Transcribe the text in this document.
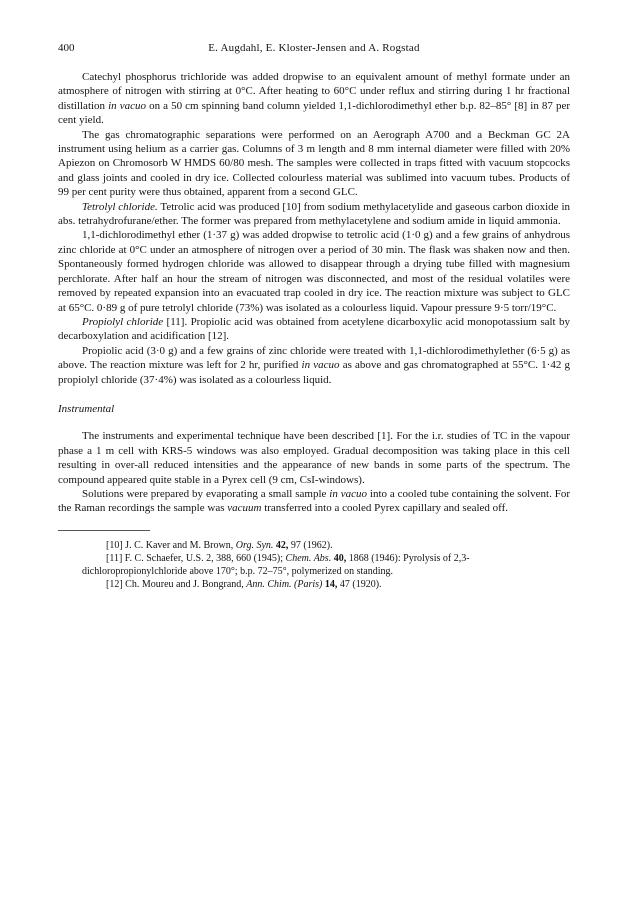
400	E. Augdahl, E. Kloster-Jensen and A. Rogstad

Catechyl phosphorus trichloride was added dropwise to an equivalent amount of methyl formate under an atmosphere of nitrogen with stirring at 0°C. After heating to 60°C under reflux and stirring during 1 hr fractional distillation in vacuo on a 50 cm spinning band column yielded 1,1-dichlorodimethyl ether b.p. 82–85° [8] in 87 per cent yield.

The gas chromatographic separations were performed on an Aerograph A700 and a Beckman GC 2A instrument using helium as a carrier gas. Columns of 3 m length and 8 mm internal diameter were filled with 20% Apiezon on Chromosorb W HMDS 60/80 mesh. The samples were collected in traps fitted with vacuum stopcocks and glass joints and cooled in dry ice. Collected colourless material was sublimed into vacuum tubes. Products of 99 per cent purity were thus obtained, apparent from a second GLC.

Tetrolyl chloride. Tetrolic acid was produced [10] from sodium methylacetylide and gaseous carbon dioxide in abs. tetrahydrofurane/ether. The former was prepared from methylacetylene and sodium amide in liquid ammonia.

1,1-dichlorodimethyl ether (1·37 g) was added dropwise to tetrolic acid (1·0 g) and a few grains of anhydrous zinc chloride at 0°C under an atmosphere of nitrogen over a period of 30 min. The flask was shaken now and then. Spontaneously formed hydrogen chloride was allowed to disappear through a drying tube filled with magnesium perchlorate. After half an hour the stream of nitrogen was disconnected, and most of the residual volatiles were removed by repeated expansion into an evacuated trap cooled in dry ice. The reaction mixture was subject to GLC at 65°C. 0·89 g of pure tetrolyl chloride (73%) was isolated as a colourless liquid. Vapour pressure 9·5 torr/19°C.

Propiolyl chloride [11]. Propiolic acid was obtained from acetylene dicarboxylic acid monopotassium salt by decarboxylation and acidification [12].

Propiolic acid (3·0 g) and a few grains of zinc chloride were treated with 1,1-dichlorodimethylether (6·5 g) as above. The reaction mixture was left for 2 hr, purified in vacuo as above and gas chromatographed at 55°C. 1·42 g propiolyl chloride (37·4%) was isolated as a colourless liquid.

Instrumental

The instruments and experimental technique have been described [1]. For the i.r. studies of TC in the vapour phase a 1 m cell with KRS-5 windows was also employed. Gradual decomposition was taking place in this cell resulting in over-all reduced intensities and the appearance of new bands in some parts of the spectrum. The compound appeared quite stable in a Pyrex cell (9 cm, CsI-windows).

Solutions were prepared by evaporating a small sample in vacuo into a cooled tube containing the solvent. For the Raman recordings the sample was vacuum transferred into a cooled Pyrex capillary and sealed off.

[10] J. C. Kaver and M. Brown, Org. Syn. 42, 97 (1962).

[11] F. C. Schaefer, U.S. 2, 388, 660 (1945); Chem. Abs. 40, 1868 (1946): Pyrolysis of 2,3-dichloropropionylchloride above 170°; b.p. 72–75°, polymerized on standing.

[12] Ch. Moureu and J. Bongrand, Ann. Chim. (Paris) 14, 47 (1920).
